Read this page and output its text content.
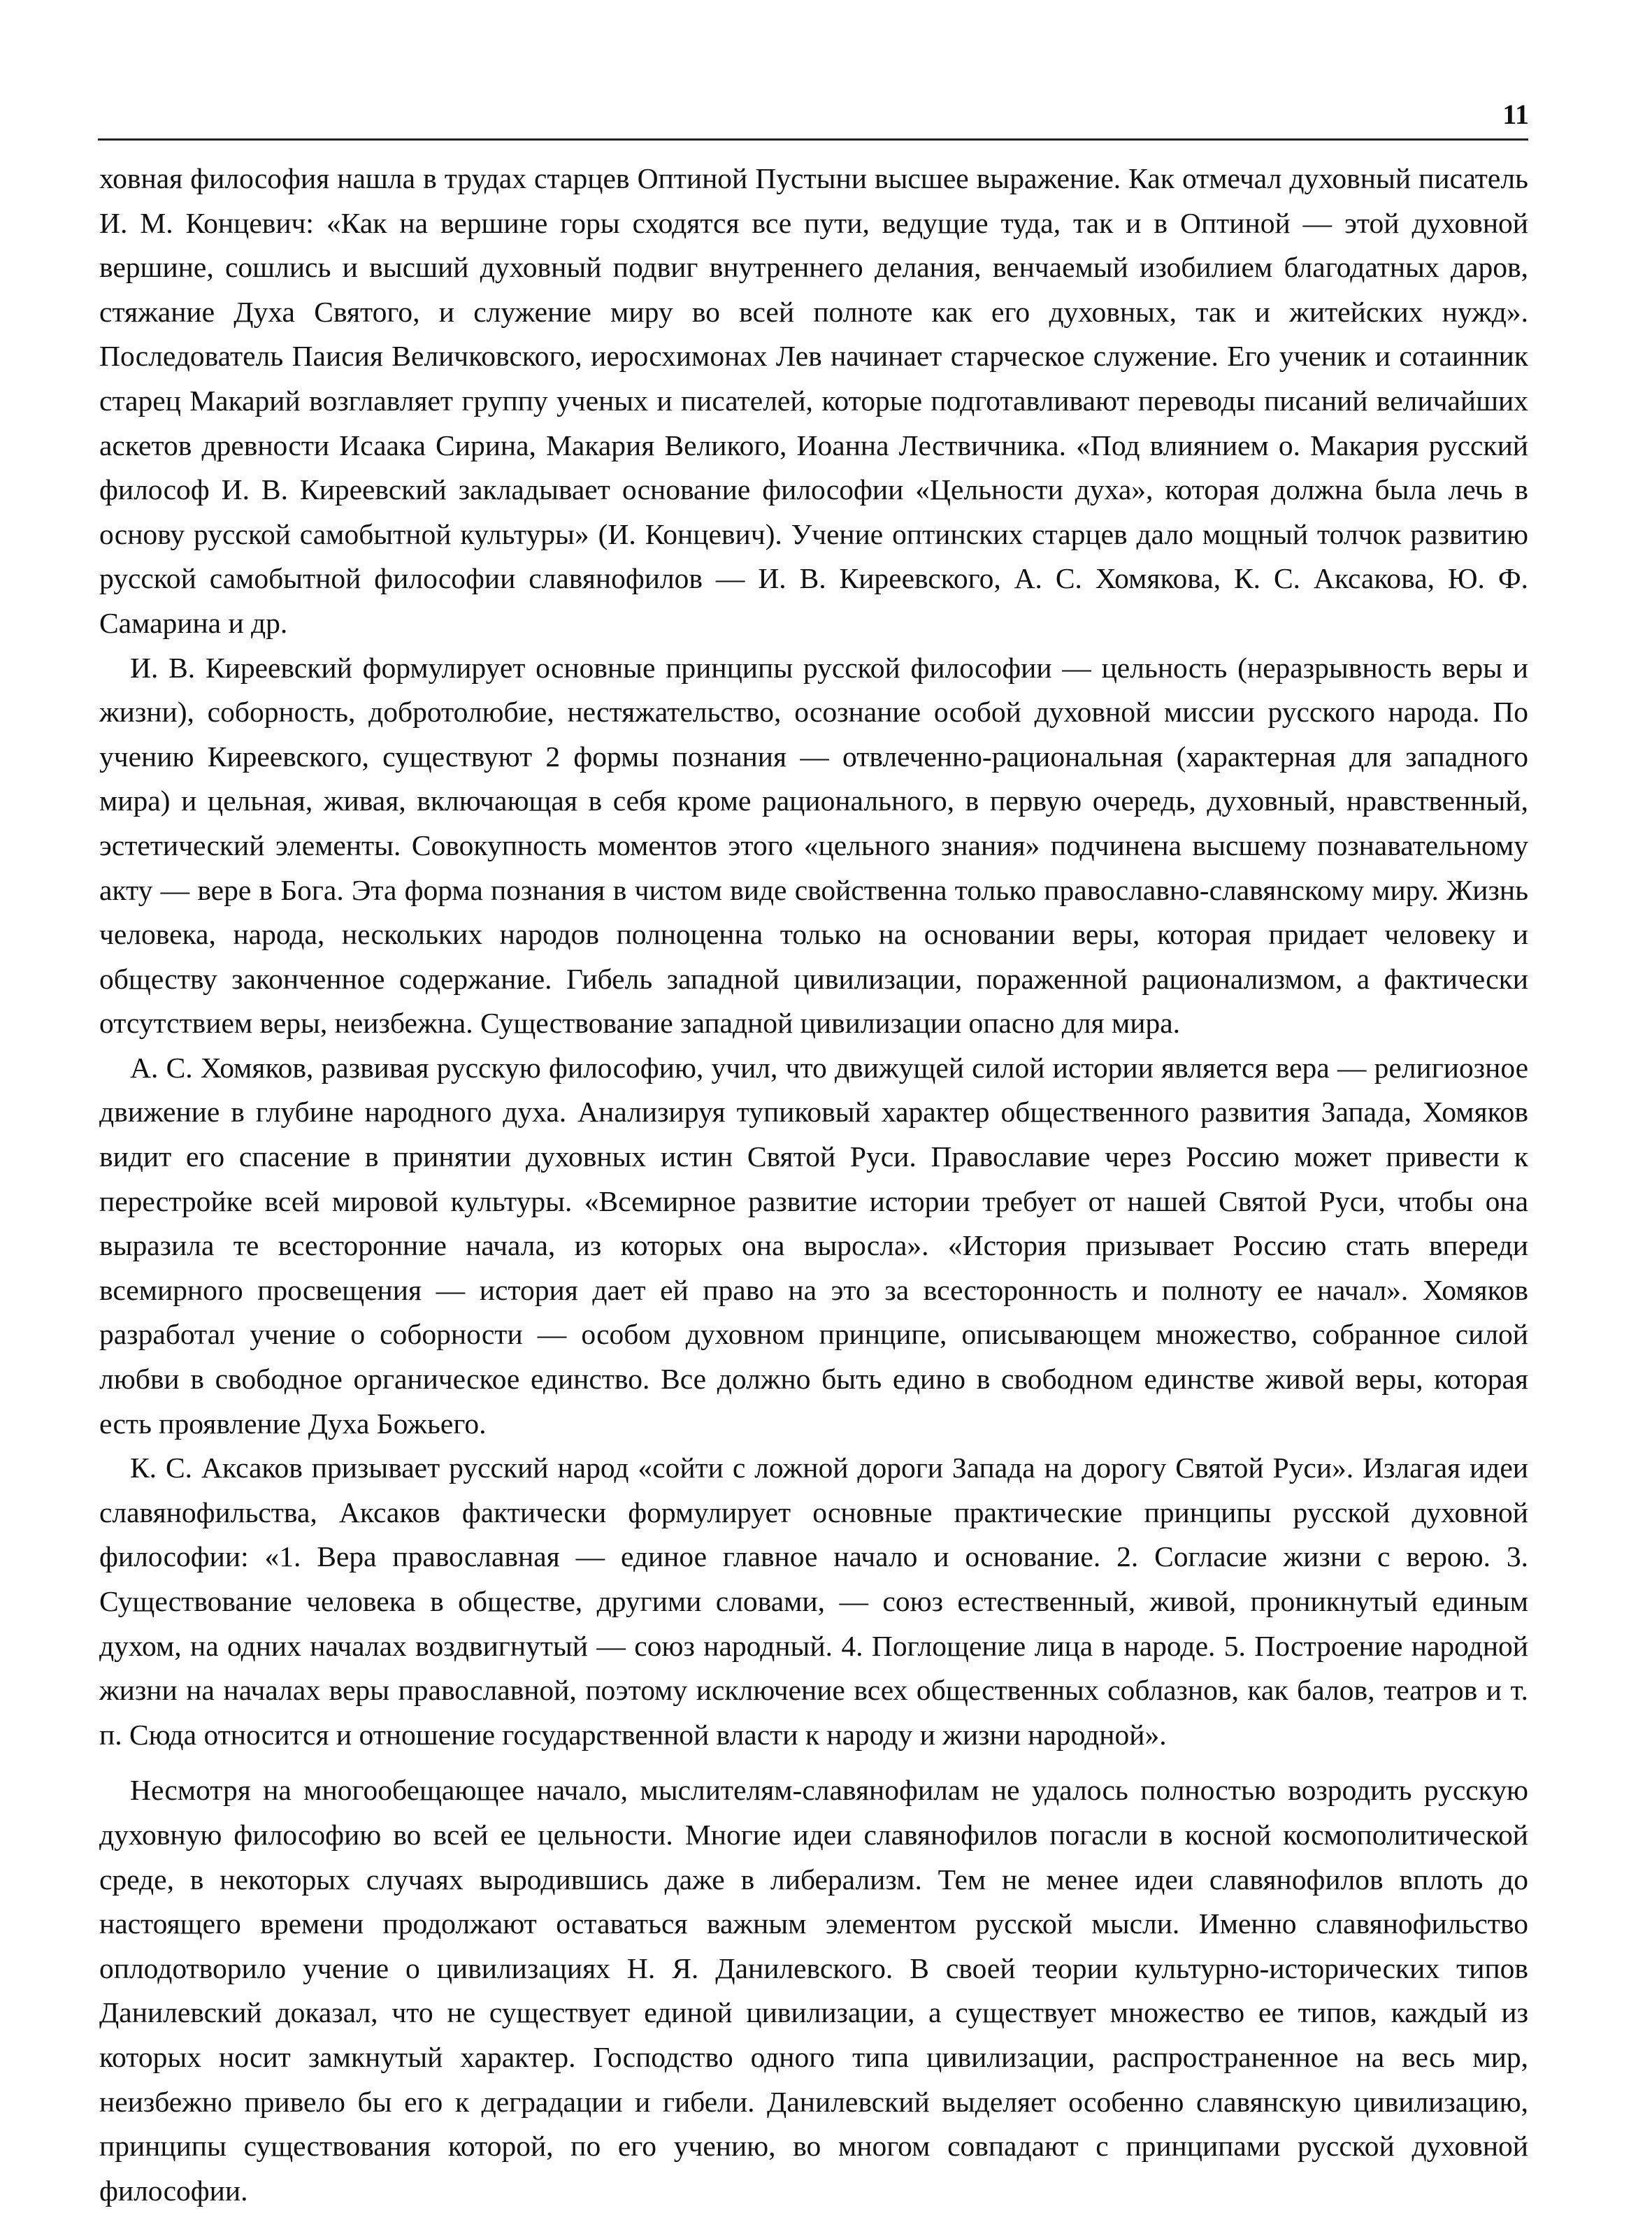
11

ховная философия нашла в трудах старцев Оптиной Пустыни высшее выражение. Как отмечал духовный писатель И. М. Концевич: «Как на вершине горы сходятся все пути, ведущие туда, так и в Оптиной — этой духовной вершине, сошлись и высший духовный подвиг внутреннего делания, венчаемый изобилием благодатных даров, стяжание Духа Святого, и служение миру во всей полноте как его духовных, так и житейских нужд». Последователь Паисия Величковского, иеросхимонах Лев начинает старческое служение. Его ученик и сотаинник старец Макарий возглавляет группу ученых и писателей, которые подготавливают переводы писаний величайших аскетов древности Исаака Сирина, Макария Великого, Иоанна Лествичника. «Под влиянием о. Макария русский философ И. В. Киреевский закладывает основание философии «Цельности духа», которая должна была лечь в основу русской самобытной культуры» (И. Концевич). Учение оптинских старцев дало мощный толчок развитию русской самобытной философии славянофилов — И. В. Киреевского, А. С. Хомякова, К. С. Аксакова, Ю. Ф. Самарина и др.

И. В. Киреевский формулирует основные принципы русской философии — цельность (неразрывность веры и жизни), соборность, добротолюбие, нестяжательство, осознание особой духовной миссии русского народа. По учению Киреевского, существуют 2 формы познания — отвлеченно-рациональная (характерная для западного мира) и цельная, живая, включающая в себя кроме рационального, в первую очередь, духовный, нравственный, эстетический элементы. Совокупность моментов этого «цельного знания» подчинена высшему познавательному акту — вере в Бога. Эта форма познания в чистом виде свойственна только православно-славянскому миру. Жизнь человека, народа, нескольких народов полноценна только на основании веры, которая придает человеку и обществу законченное содержание. Гибель западной цивилизации, пораженной рационализмом, а фактически отсутствием веры, неизбежна. Существование западной цивилизации опасно для мира.

А. С. Хомяков, развивая русскую философию, учил, что движущей силой истории является вера — религиозное движение в глубине народного духа. Анализируя тупиковый характер общественного развития Запада, Хомяков видит его спасение в принятии духовных истин Святой Руси. Православие через Россию может привести к перестройке всей мировой культуры. «Всемирное развитие истории требует от нашей Святой Руси, чтобы она выразила те всесторонние начала, из которых она выросла». «История призывает Россию стать впереди всемирного просвещения — история дает ей право на это за всесторонность и полноту ее начал». Хомяков разработал учение о соборности — особом духовном принципе, описывающем множество, собранное силой любви в свободное органическое единство. Все должно быть едино в свободном единстве живой веры, которая есть проявление Духа Божьего.

К. С. Аксаков призывает русский народ «сойти с ложной дороги Запада на дорогу Святой Руси». Излагая идеи славянофильства, Аксаков фактически формулирует основные практические принципы русской духовной философии: «1. Вера православная — единое главное начало и основание. 2. Согласие жизни с верою. 3. Существование человека в обществе, другими словами, — союз естественный, живой, проникнутый единым духом, на одних началах воздвигнутый — союз народный. 4. Поглощение лица в народе. 5. Построение народной жизни на началах веры православной, поэтому исключение всех общественных соблазнов, как балов, театров и т. п. Сюда относится и отношение государственной власти к народу и жизни народной».

Несмотря на многообещающее начало, мыслителям-славянофилам не удалось полностью возродить русскую духовную философию во всей ее цельности. Многие идеи славянофилов погасли в косной космополитической среде, в некоторых случаях выродившись даже в либерализм. Тем не менее идеи славянофилов вплоть до настоящего времени продолжают оставаться важным элементом русской мысли. Именно славянофильство оплодотворило учение о цивилизациях Н. Я. Данилевского. В своей теории культурно-исторических типов Данилевский доказал, что не существует единой цивилизации, а существует множество ее типов, каждый из которых носит замкнутый характер. Господство одного типа цивилизации, распространенное на весь мир, неизбежно привело бы его к деградации и гибели. Данилевский выделяет особенно славянскую цивилизацию, принципы существования которой, по его учению, во многом совпадают с принципами русской духовной философии.
